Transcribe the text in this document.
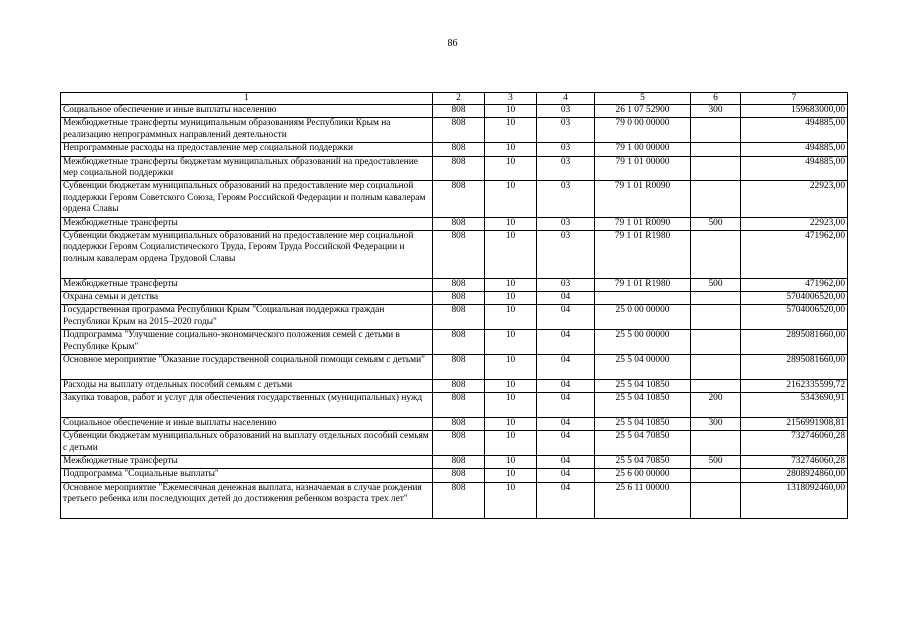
86
1	2	3	4	5	6	7
Социальное обеспечение и иные выплаты населению	808	10	03	26 1 07 52900	300	159683000,00
Межбюджетные трансферты муниципальным образованиям Республики Крым на реализацию непрограммных направлений деятельности	808	10	03	79 0 00 00000		494885,00
Непрограммные расходы на предоставление мер социальной поддержки	808	10	03	79 1 00 00000		494885,00
Межбюджетные трансферты бюджетам муниципальных образований на предоставление мер социальной поддержки	808	10	03	79 1 01 00000		494885,00
Субвенции бюджетам муниципальных образований на предоставление мер социальной поддержки Героям Советского Союза, Героям Российской Федерации и полным кавалерам ордена Славы	808	10	03	79 1 01 R0090		22923,00
Межбюджетные трансферты	808	10	03	79 1 01 R0090	500	22923,00
Субвенции бюджетам муниципальных образований на предоставление мер социальной поддержки Героям Социалистического Труда, Героям Труда Российской Федерации и полным кавалерам ордена Трудовой Славы	808	10	03	79 1 01 R1980		471962,00
Межбюджетные трансферты	808	10	03	79 1 01 R1980	500	471962,00
Охрана семьи и детства	808	10	04			5704006520,00
Государственная программа Республики Крым "Социальная поддержка граждан Республики Крым на 2015–2020 годы"	808	10	04	25 0 00 00000		5704006520,00
Подпрограмма "Улучшение социально-экономического положения семей с детьми в Республике Крым"	808	10	04	25 5 00 00000		2895081660,00
Основное мероприятие "Оказание государственной социальной помощи семьям с детьми"	808	10	04	25 5 04 00000		2895081660,00
Расходы на выплату отдельных пособий семьям с детьми	808	10	04	25 5 04 10850		2162335599,72
Закупка товаров, работ и услуг для обеспечения государственных (муниципальных) нужд	808	10	04	25 5 04 10850	200	5343690,91
Социальное обеспечение и иные выплаты населению	808	10	04	25 5 04 10850	300	2156991908,81
Субвенции бюджетам муниципальных образований на выплату отдельных пособий семьям с детьми	808	10	04	25 5 04 70850		732746060,28
Межбюджетные трансферты	808	10	04	25 5 04 70850	500	732746060,28
Подпрограмма "Социальные выплаты"	808	10	04	25 6 00 00000		2808924860,00
Основное мероприятие "Ежемесячная денежная выплата, назначаемая в случае рождения третьего ребенка или последующих детей до достижения ребенком возраста трех лет"	808	10	04	25 6 11 00000		1318092460,00
